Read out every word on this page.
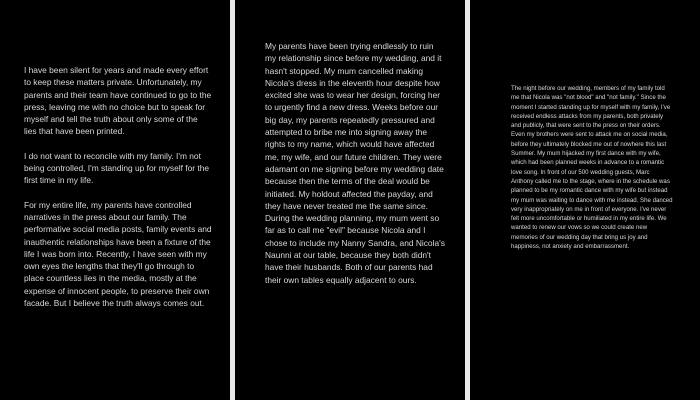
I have been silent for years and made every effort to keep these matters private. Unfortunately, my parents and their team have continued to go to the press, leaving me with no choice but to speak for myself and tell the truth about only some of the lies that have been printed.

I do not want to reconcile with my family. I'm not being controlled, I'm standing up for myself for the first time in my life.

For my entire life, my parents have controlled narratives in the press about our family. The performative social media posts, family events and inauthentic relationships have been a fixture of the life I was born into. Recently, I have seen with my own eyes the lengths that they'll go through to place countless lies in the media, mostly at the expense of innocent people, to preserve their own facade. But I believe the truth always comes out.

My parents have been trying endlessly to ruin my relationship since before my wedding, and it hasn't stopped. My mum cancelled making Nicola's dress in the eleventh hour despite how excited she was to wear her design, forcing her to urgently find a new dress. Weeks before our big day, my parents repeatedly pressured and attempted to bribe me into signing away the rights to my name, which would have affected me, my wife, and our future children. They were adamant on me signing before my wedding date because then the terms of the deal would be initiated. My holdout affected the payday, and they have never treated me the same since. During the wedding planning, my mum went so far as to call me "evil" because Nicola and I chose to include my Nanny Sandra, and Nicola's Naunni at our table, because they both didn't have their husbands. Both of our parents had their own tables equally adjacent to ours.

The night before our wedding, members of my family told me that Nicola was "not blood" and "not family." Since the moment I started standing up for myself with my family, I've received endless attacks from my parents, both privately and publicly, that were sent to the press on their orders. Even my brothers were sent to attack me on social media, before they ultimately blocked me out of nowhere this last Summer. My mum hijacked my first dance with my wife, which had been planned weeks in advance to a romantic love song. In front of our 500 wedding guests, Marc Anthony called me to the stage, where in the schedule was planned to be my romantic dance with my wife but instead my mum was waiting to dance with me instead. She danced very inappropriately on me in front of everyone. I've never felt more uncomfortable or humiliated in my entire life. We wanted to renew our vows so we could create new memories of our wedding day that bring us joy and happiness, not anxiety and embarrassment.
